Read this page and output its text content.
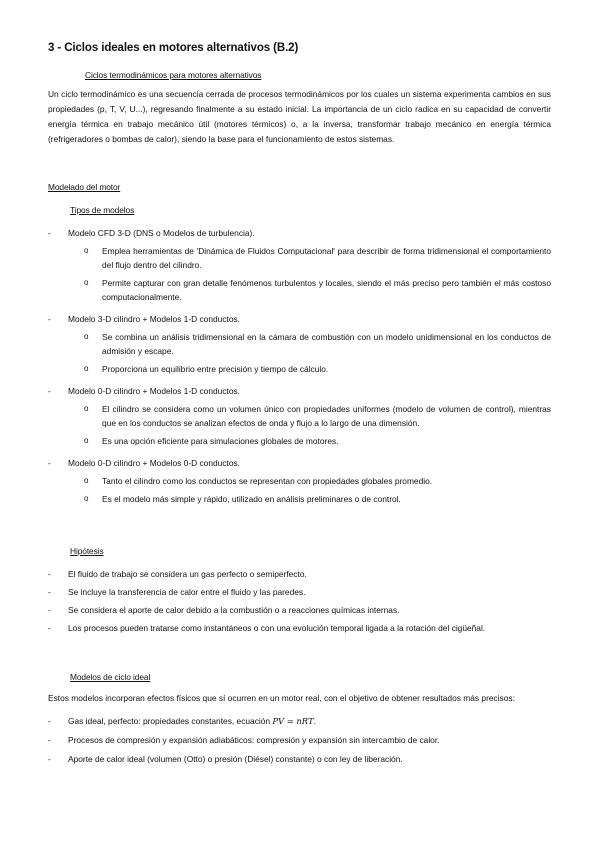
3 - Ciclos ideales en motores alternativos (B.2)
Ciclos termodinámicos para motores alternativos
Un ciclo termodinámico es una secuencia cerrada de procesos termodinámicos por los cuales un sistema experimenta cambios en sus propiedades (p, T, V, U...), regresando finalmente a su estado inicial. La importancia de un ciclo radica en su capacidad de convertir energía térmica en trabajo mecánico útil (motores térmicos) o, a la inversa, transformar trabajo mecánico en energía térmica (refrigeradores o bombas de calor), siendo la base para el funcionamiento de estos sistemas.
Modelado del motor
Tipos de modelos
-	Modelo CFD 3-D (DNS o Modelos de turbulencia).
o	Emplea herramientas de 'Dinámica de Fluidos Computacional' para describir de forma tridimensional el comportamiento del flujo dentro del cilindro.
o	Permite capturar con gran detalle fenómenos turbulentos y locales, siendo el más preciso pero también el más costoso computacionalmente.
-	Modelo 3-D cilindro + Modelos 1-D conductos.
o	Se combina un análisis tridimensional en la cámara de combustión con un modelo unidimensional en los conductos de admisión y escape.
o	Proporciona un equilibrio entre precisión y tiempo de cálculo.
-	Modelo 0-D cilindro + Modelos 1-D conductos.
o	El cilindro se considera como un volumen único con propiedades uniformes (modelo de volumen de control), mientras que en los conductos se analizan efectos de onda y flujo a lo largo de una dimensión.
o	Es una opción eficiente para simulaciones globales de motores.
-	Modelo 0-D cilindro + Modelos 0-D conductos.
o	Tanto el cilindro como los conductos se representan con propiedades globales promedio.
o	Es el modelo más simple y rápido, utilizado en análisis preliminares o de control.
Hipótesis
-	El fluido de trabajo se considera un gas perfecto o semiperfecto.
-	Se incluye la transferencia de calor entre el fluido y las paredes.
-	Se considera el aporte de calor debido a la combustión o a reacciones químicas internas.
-	Los procesos pueden tratarse como instantáneos o con una evolución temporal ligada a la rotación del cigüeñal.
Modelos de ciclo ideal
Estos modelos incorporan efectos físicos que sí ocurren en un motor real, con el objetivo de obtener resultados más precisos:
-	Gas ideal, perfecto: propiedades constantes, ecuación PV = nRT.
-	Procesos de compresión y expansión adiabáticos: compresión y expansión sin intercambio de calor.
-	Aporte de calor ideal (volumen (Otto) o presión (Diésel) constante) o con ley de liberación.
